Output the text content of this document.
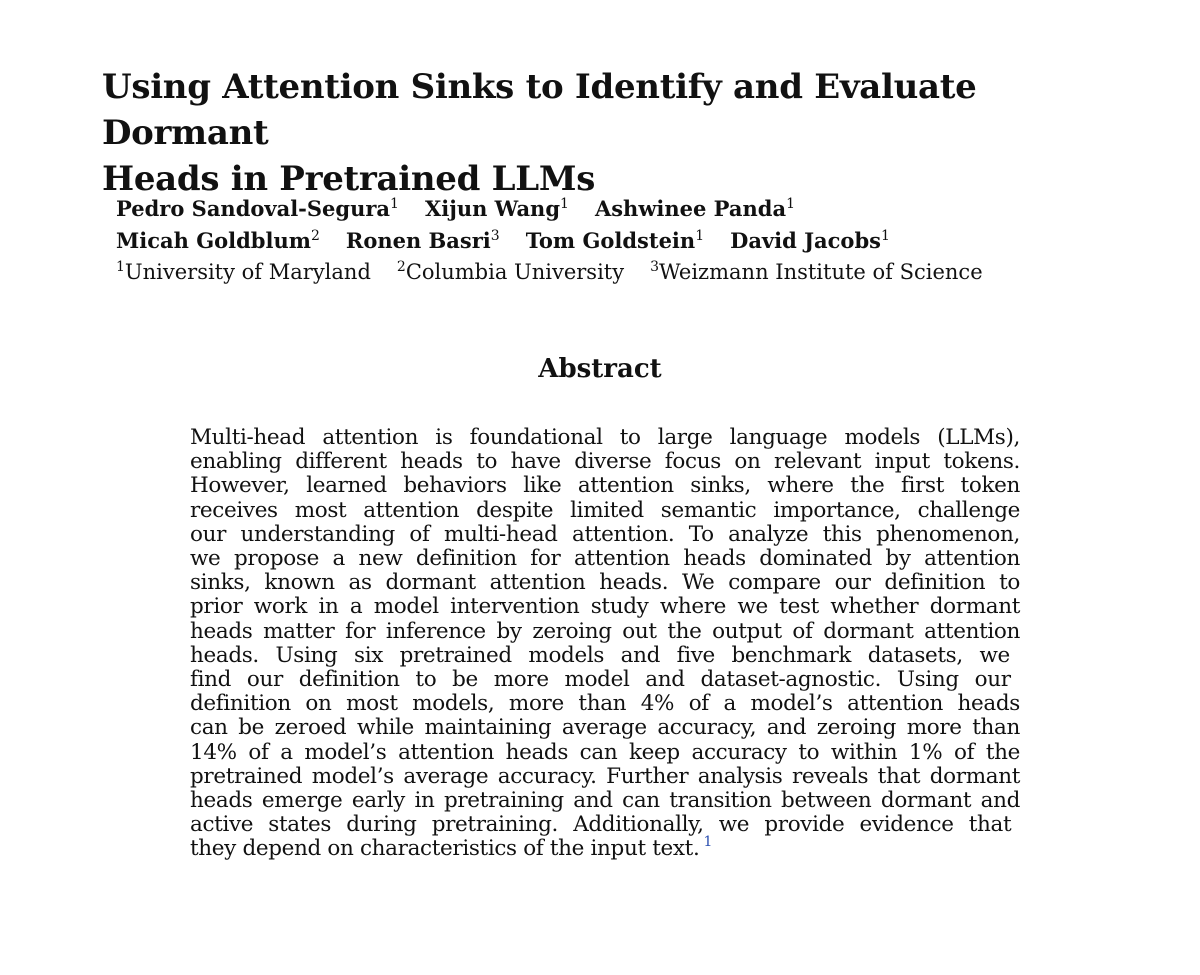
Using Attention Sinks to Identify and Evaluate Dormant
Heads in Pretrained LLMs
Pedro Sandoval-Segura$^1$ Xijun Wang$^1$ Ashwinee Panda$^1$
Micah Goldblum$^2$ Ronen Basri$^3$ Tom Goldstein$^1$ David Jacobs$^1$
$^1$University of Maryland $^2$Columbia University $^3$Weizmann Institute of Science
Abstract
Multi-head attention is foundational to large language models (LLMs),
enabling different heads to have diverse focus on relevant input tokens.
However, learned behaviors like attention sinks, where the first token
receives most attention despite limited semantic importance, challenge
our understanding of multi-head attention. To analyze this phenomenon,
we propose a new definition for attention heads dominated by attention
sinks, known as dormant attention heads. We compare our definition to
prior work in a model intervention study where we test whether dormant
heads matter for inference by zeroing out the output of dormant attention
heads. Using six pretrained models and five benchmark datasets, we
find our definition to be more model and dataset-agnostic. Using our
definition on most models, more than 4% of a model’s attention heads
can be zeroed while maintaining average accuracy, and zeroing more than
14% of a model’s attention heads can keep accuracy to within 1% of the
pretrained model’s average accuracy. Further analysis reveals that dormant
heads emerge early in pretraining and can transition between dormant and
active states during pretraining. Additionally, we provide evidence that
they depend on characteristics of the input text. $^1$
